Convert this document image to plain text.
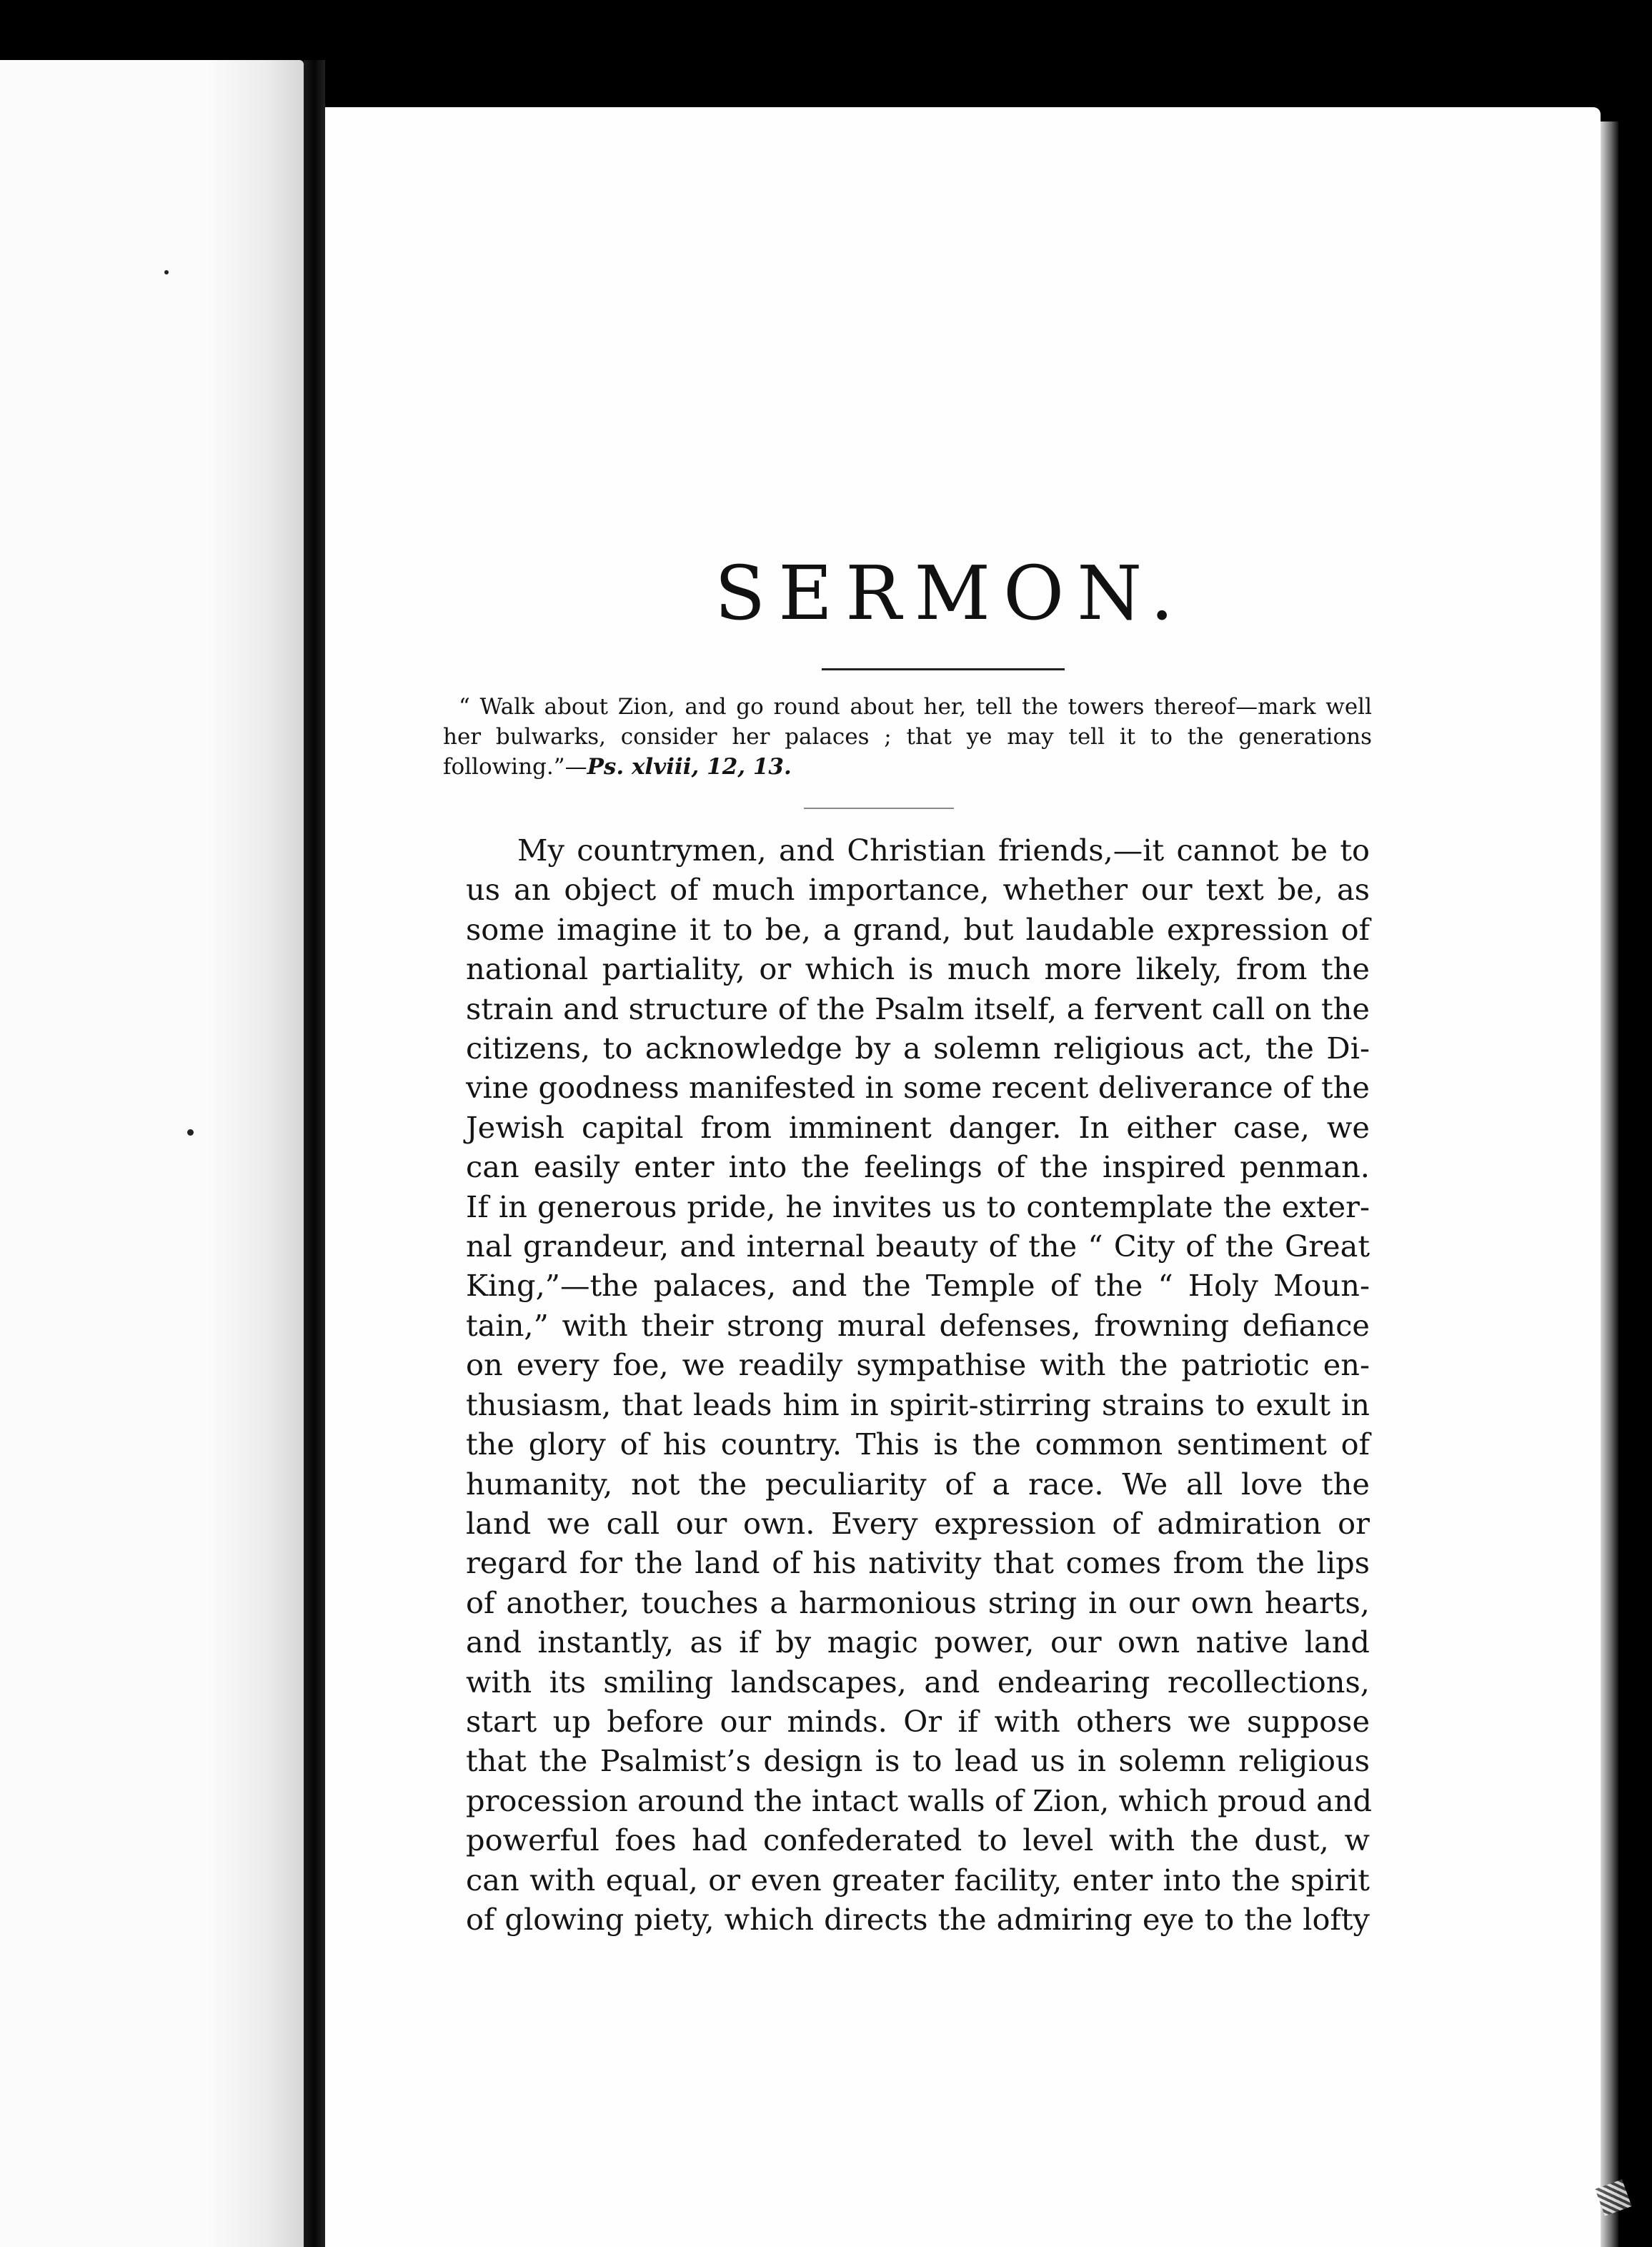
SERMON.

“ Walk about Zion, and go round about her, tell the towers thereof—mark well her bulwarks, consider her palaces ; that ye may tell it to the generations following.”—Ps. xlviii, 12, 13.

My countrymen, and Christian friends,—it cannot be to
us an object of much importance, whether our text be, as
some imagine it to be, a grand, but laudable expression of
national partiality, or which is much more likely, from the
strain and structure of the Psalm itself, a fervent call on the
citizens, to acknowledge by a solemn religious act, the Di-
vine goodness manifested in some recent deliverance of the
Jewish capital from imminent danger. In either case, we
can easily enter into the feelings of the inspired penman.
If in generous pride, he invites us to contemplate the exter-
nal grandeur, and internal beauty of the “ City of the Great
King,”—the palaces, and the Temple of the “ Holy Moun-
tain,” with their strong mural defenses, frowning defiance
on every foe, we readily sympathise with the patriotic en-
thusiasm, that leads him in spirit-stirring strains to exult in
the glory of his country. This is the common sentiment of
humanity, not the peculiarity of a race. We all love the
land we call our own. Every expression of admiration or
regard for the land of his nativity that comes from the lips
of another, touches a harmonious string in our own hearts,
and instantly, as if by magic power, our own native land
with its smiling landscapes, and endearing recollections,
start up before our minds. Or if with others we suppose
that the Psalmist’s design is to lead us in solemn religious
procession around the intact walls of Zion, which proud and
powerful foes had confederated to level with the dust, w
can with equal, or even greater facility, enter into the spirit
of glowing piety, which directs the admiring eye to the lofty
